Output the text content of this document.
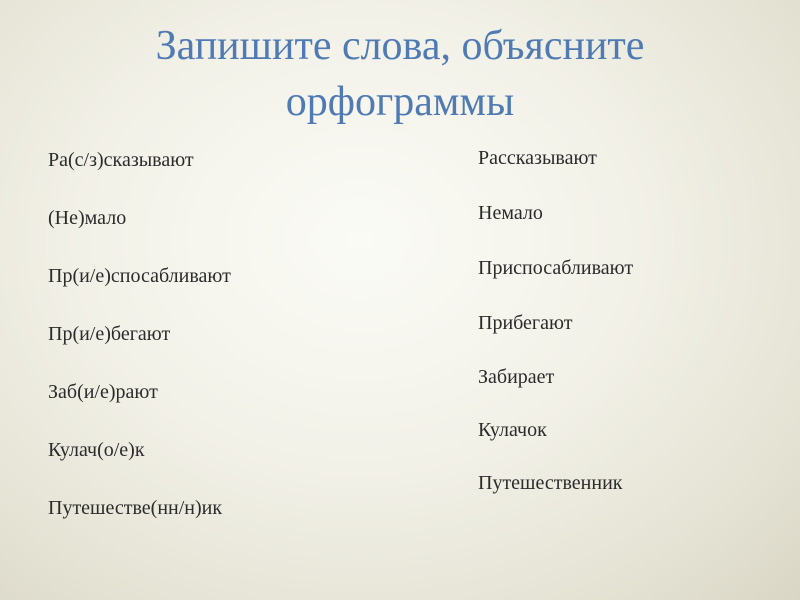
Запишите слова, объясните
орфограммы
Ра(с/з)сказывают
(Не)мало
Пр(и/е)спосабливают
Пр(и/е)бегают
Заб(и/е)рают
Кулач(о/е)к
Путешестве(нн/н)ик
Рассказывают
Немало
Приспосабливают
Прибегают
Забирает
Кулачок
Путешественник
